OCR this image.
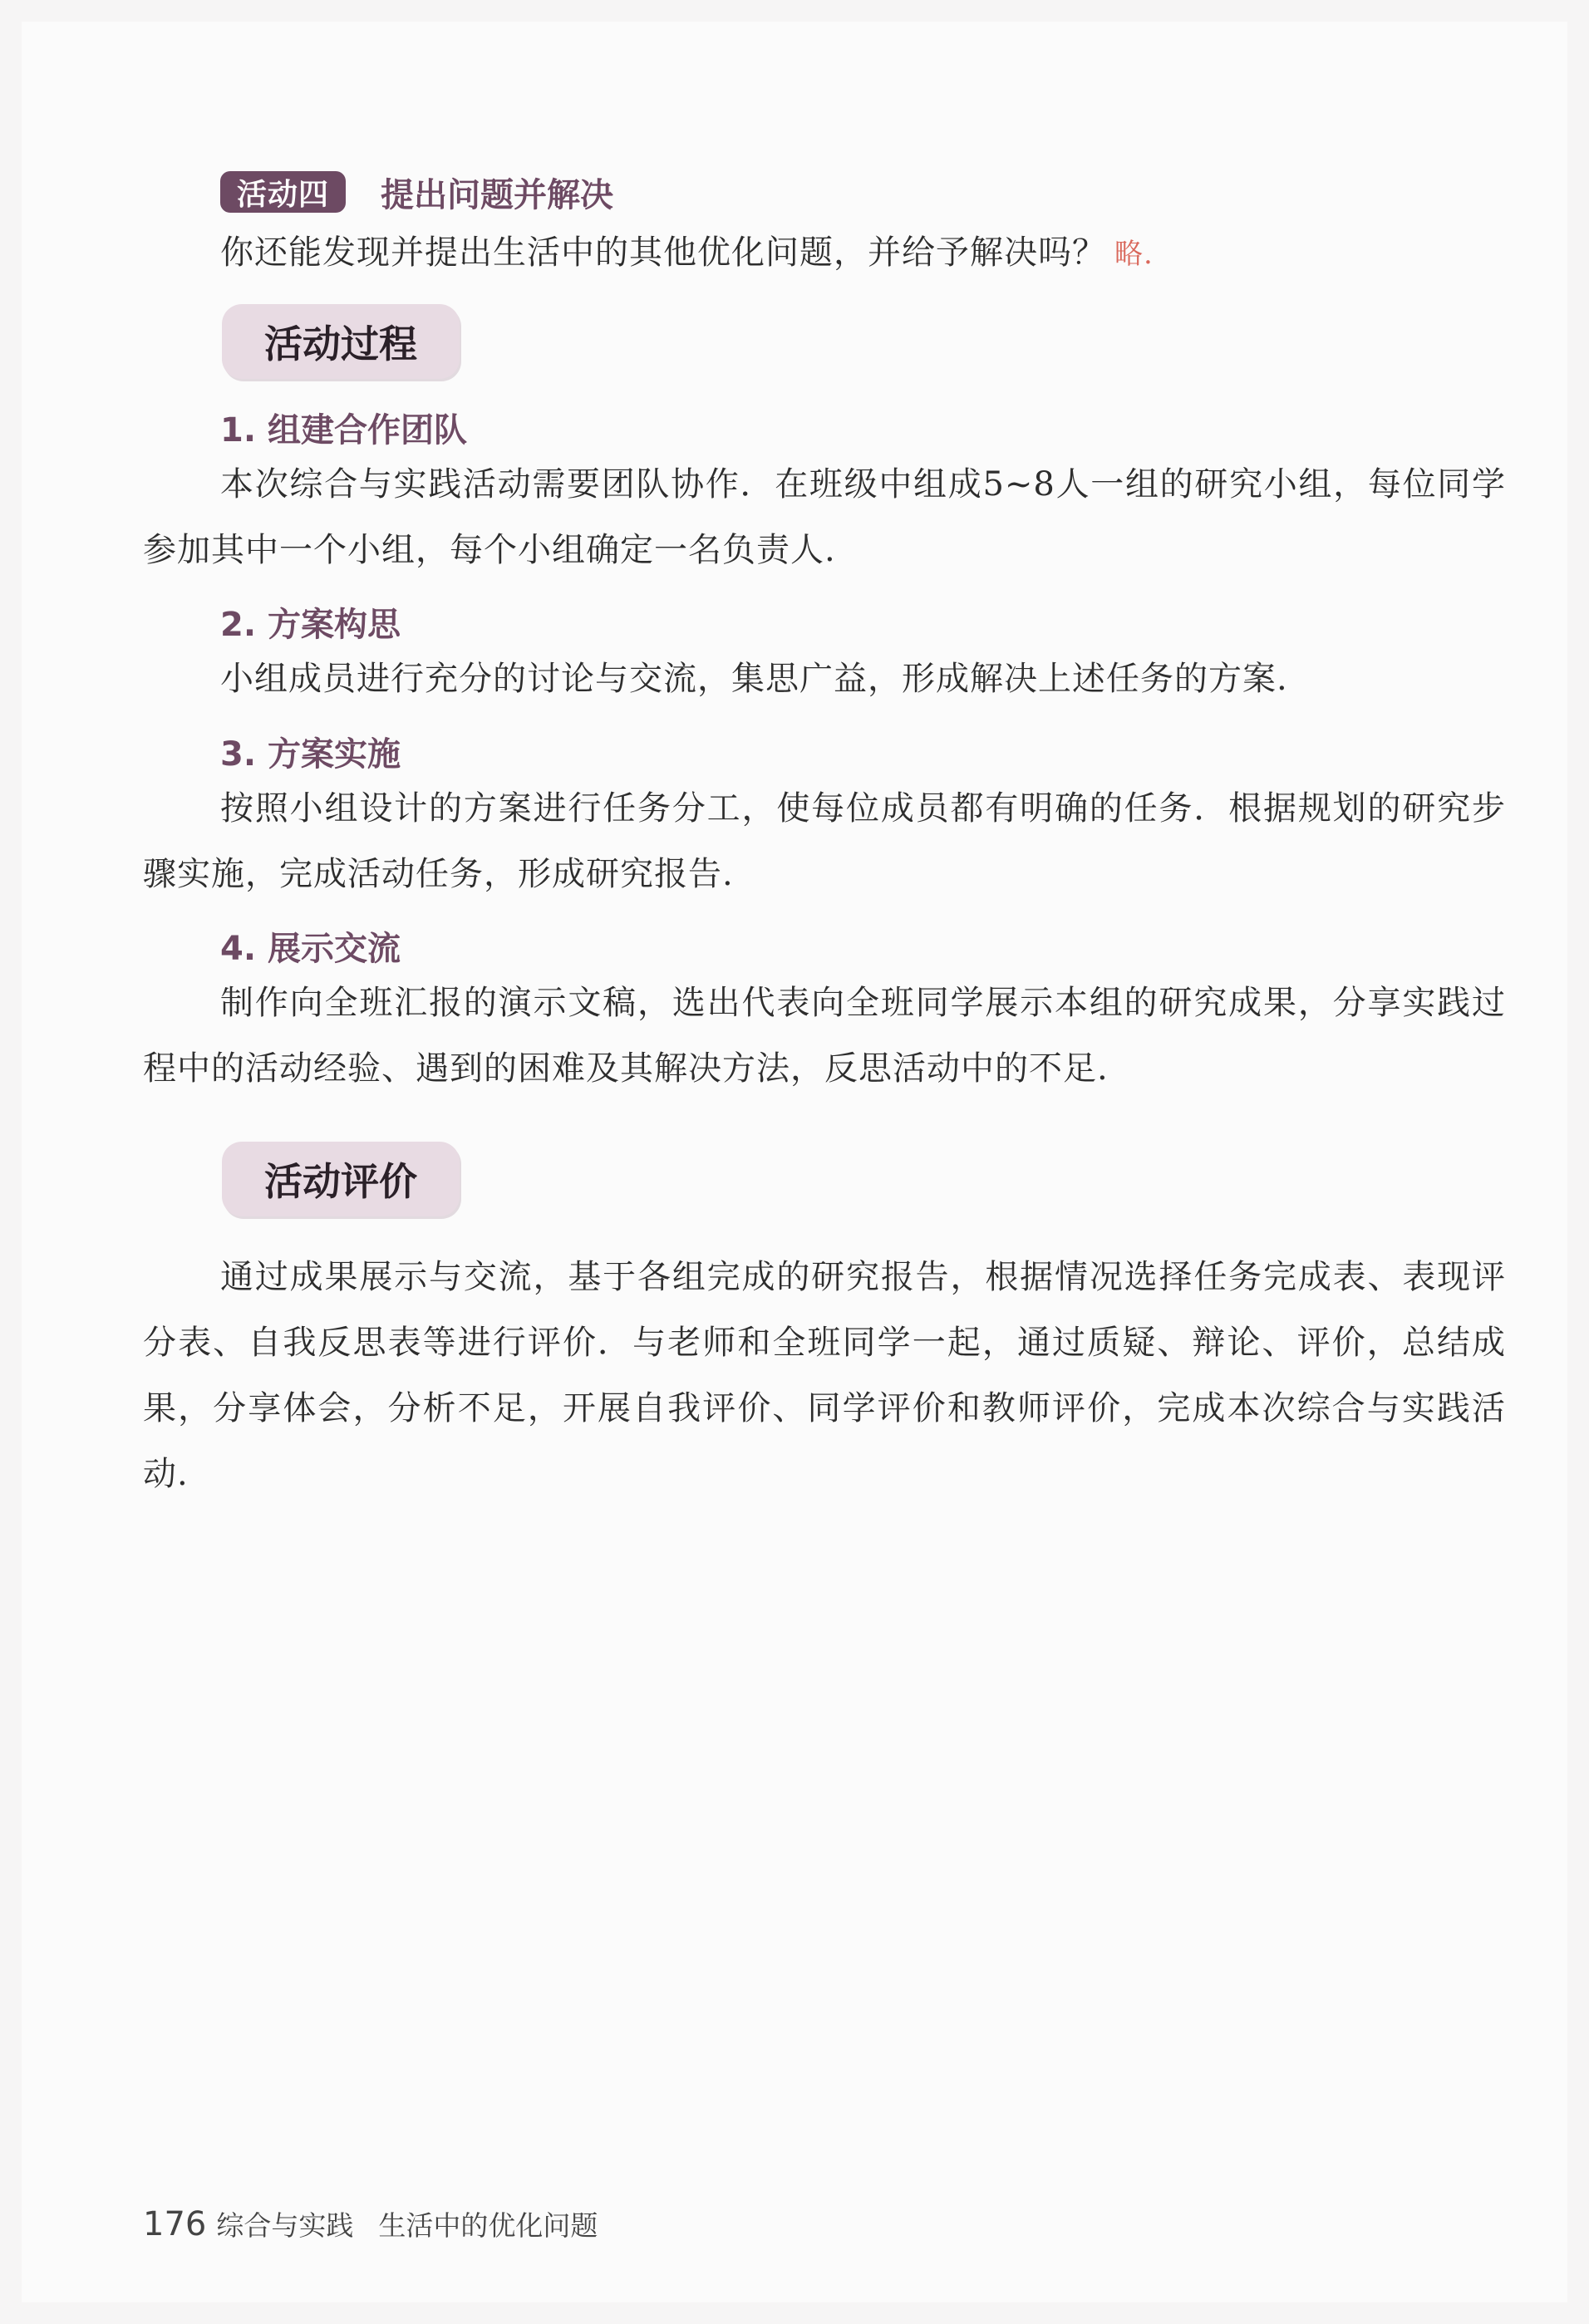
活动四	提出问题并解决
你还能发现并提出生活中的其他优化问题，并给予解决吗？ 略.
活动过程
1. 组建合作团队
本次综合与实践活动需要团队协作．在班级中组成5~8人一组的研究小组，每位同学参加其中一个小组，每个小组确定一名负责人.
2. 方案构思
小组成员进行充分的讨论与交流，集思广益，形成解决上述任务的方案.
3. 方案实施
按照小组设计的方案进行任务分工，使每位成员都有明确的任务．根据规划的研究步骤实施，完成活动任务，形成研究报告.
4. 展示交流
制作向全班汇报的演示文稿，选出代表向全班同学展示本组的研究成果，分享实践过程中的活动经验、遇到的困难及其解决方法，反思活动中的不足.
活动评价
通过成果展示与交流，基于各组完成的研究报告，根据情况选择任务完成表、表现评分表、自我反思表等进行评价．与老师和全班同学一起，通过质疑、辩论、评价，总结成果，分享体会，分析不足，开展自我评价、同学评价和教师评价，完成本次综合与实践活动.
176 综合与实践 生活中的优化问题
